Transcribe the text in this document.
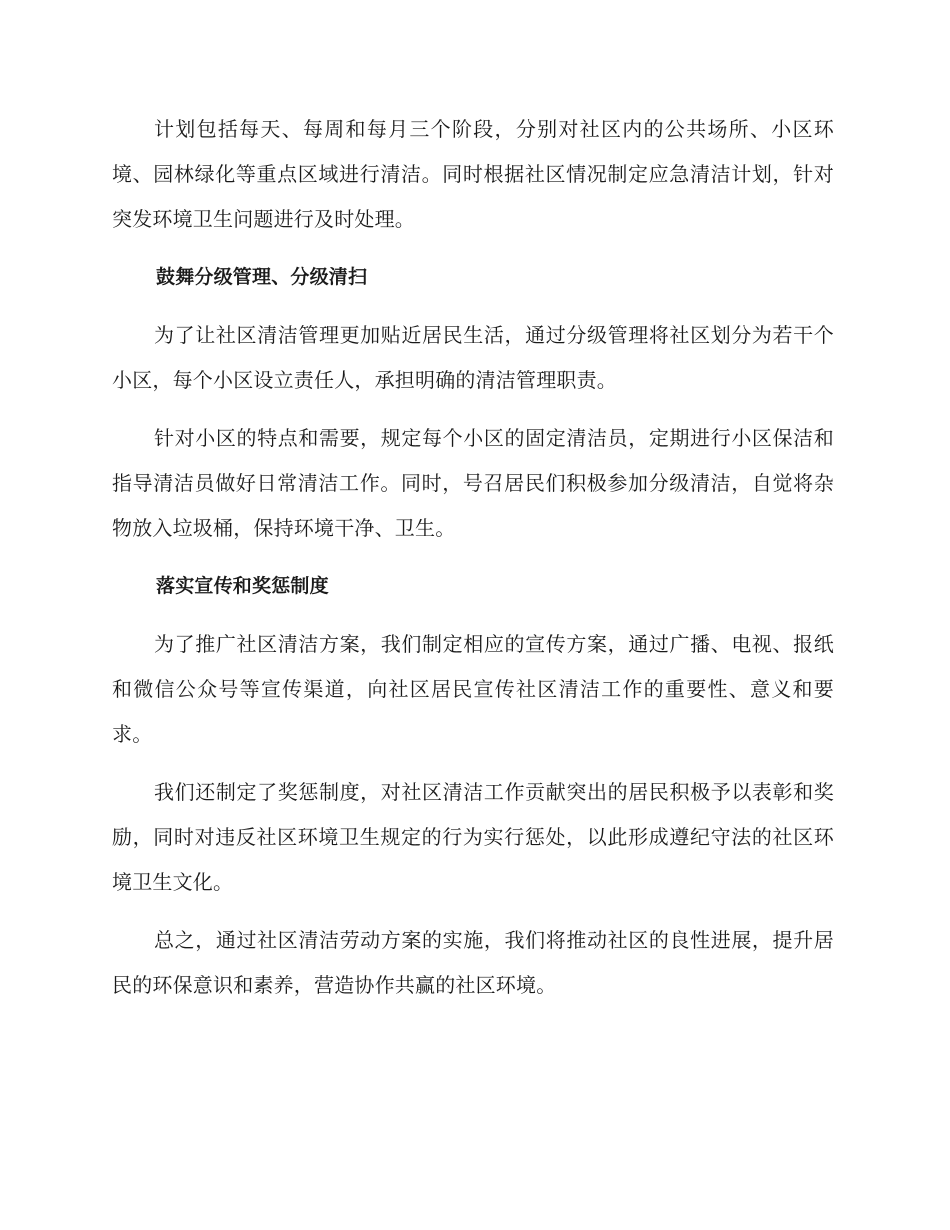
计划包括每天、每周和每月三个阶段，分别对社区内的公共场所、小区环境、园林绿化等重点区域进行清洁。同时根据社区情况制定应急清洁计划，针对突发环境卫生问题进行及时处理。

鼓舞分级管理、分级清扫

为了让社区清洁管理更加贴近居民生活，通过分级管理将社区划分为若干个小区，每个小区设立责任人，承担明确的清洁管理职责。

针对小区的特点和需要，规定每个小区的固定清洁员，定期进行小区保洁和指导清洁员做好日常清洁工作。同时，号召居民们积极参加分级清洁，自觉将杂物放入垃圾桶，保持环境干净、卫生。

落实宣传和奖惩制度

为了推广社区清洁方案，我们制定相应的宣传方案，通过广播、电视、报纸和微信公众号等宣传渠道，向社区居民宣传社区清洁工作的重要性、意义和要求。

我们还制定了奖惩制度，对社区清洁工作贡献突出的居民积极予以表彰和奖励，同时对违反社区环境卫生规定的行为实行惩处，以此形成遵纪守法的社区环境卫生文化。

总之，通过社区清洁劳动方案的实施，我们将推动社区的良性进展，提升居民的环保意识和素养，营造协作共赢的社区环境。
